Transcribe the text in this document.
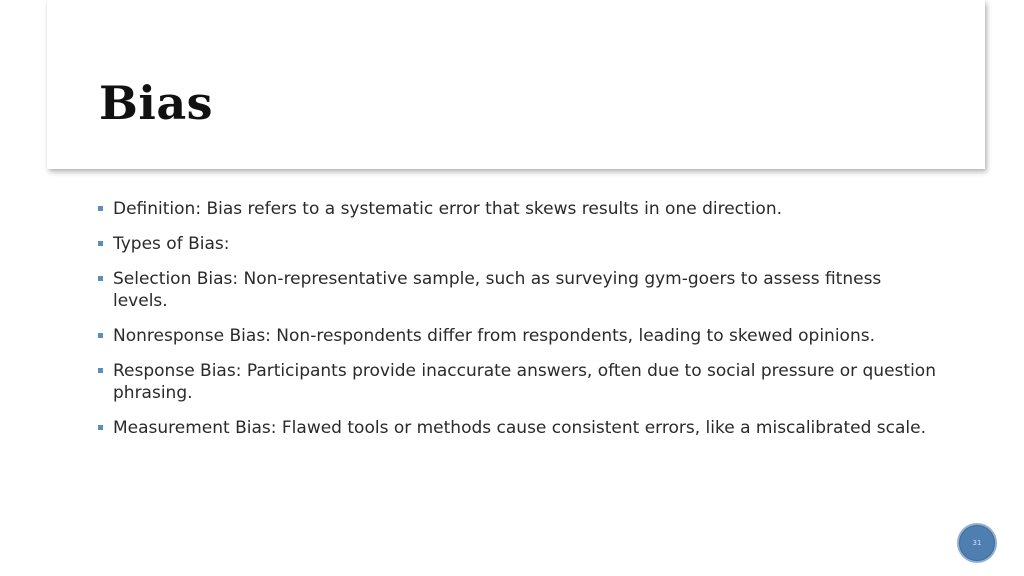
Bias
Definition: Bias refers to a systematic error that skews results in one direction.
Types of Bias:
Selection Bias: Non-representative sample, such as surveying gym-goers to assess fitness levels.
Nonresponse Bias: Non-respondents differ from respondents, leading to skewed opinions.
Response Bias: Participants provide inaccurate answers, often due to social pressure or question phrasing.
Measurement Bias: Flawed tools or methods cause consistent errors, like a miscalibrated scale.
31
